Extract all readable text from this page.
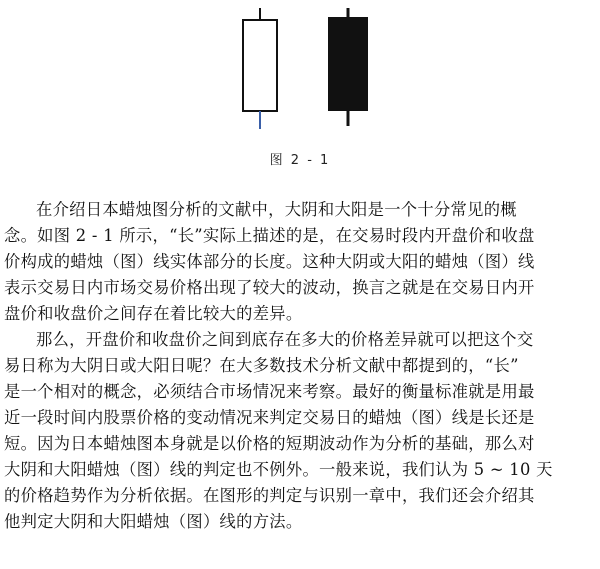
图 2 - 1
在介绍日本蜡烛图分析的文献中，大阴和大阳是一个十分常见的概
念。如图 2 - 1 所示，“长”实际上描述的是，在交易时段内开盘价和收盘
价构成的蜡烛（图）线实体部分的长度。这种大阴或大阳的蜡烛（图）线
表示交易日内市场交易价格出现了较大的波动，换言之就是在交易日内开
盘价和收盘价之间存在着比较大的差异。
那么，开盘价和收盘价之间到底存在多大的价格差异就可以把这个交
易日称为大阴日或大阳日呢？在大多数技术分析文献中都提到的，“长”
是一个相对的概念，必须结合市场情况来考察。最好的衡量标准就是用最
近一段时间内股票价格的变动情况来判定交易日的蜡烛（图）线是长还是
短。因为日本蜡烛图本身就是以价格的短期波动作为分析的基础，那么对
大阴和大阳蜡烛（图）线的判定也不例外。一般来说，我们认为 5 ~ 10 天
的价格趋势作为分析依据。在图形的判定与识别一章中，我们还会介绍其
他判定大阴和大阳蜡烛（图）线的方法。
